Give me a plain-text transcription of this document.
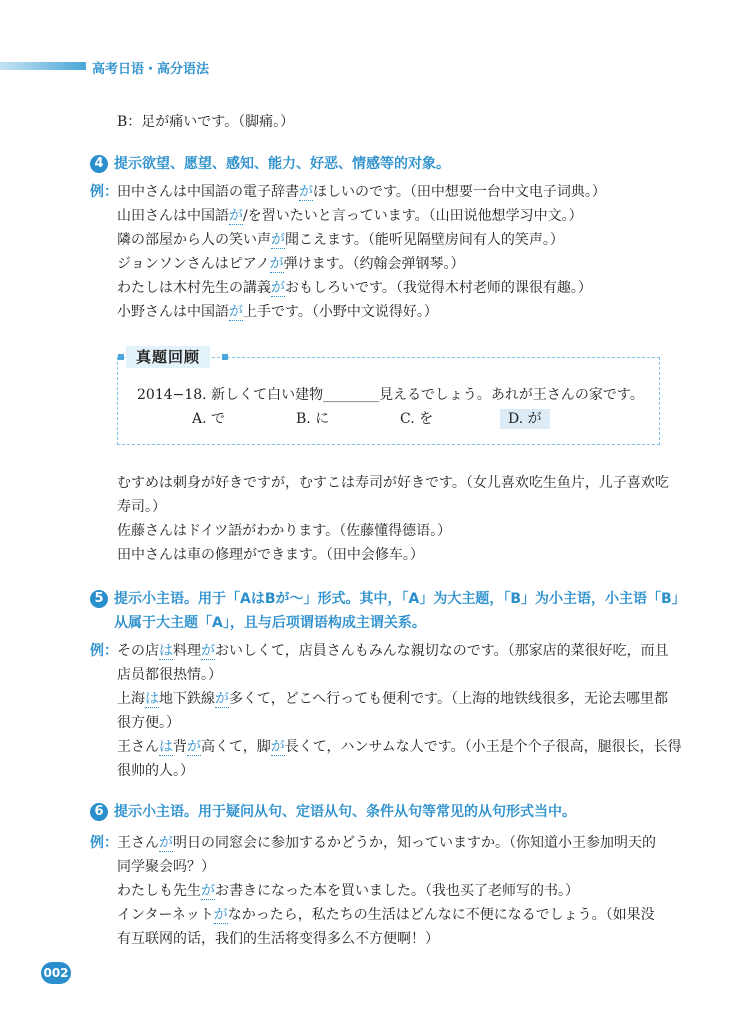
高考日语・高分语法
B：足が痛いです。（脚痛。）
4 提示欲望、愿望、感知、能力、好恶、情感等的对象。
例： 田中さんは中国語の電子辞書がほしいのです。（田中想要一台中文电子词典。）
山田さんは中国語が/を習いたいと言っています。（山田说他想学习中文。）
隣の部屋から人の笑い声が聞こえます。（能听见隔壁房间有人的笑声。）
ジョンソンさんはピアノが弾けます。（约翰会弹钢琴。）
わたしは木村先生の講義がおもしろいです。（我觉得木村老师的课很有趣。）
小野さんは中国語が上手です。（小野中文说得好。）
真题回顾
2014−18. 新しくて白い建物________見えるでしょう。あれが王さんの家です。
A. で	B. に	C. を	D. が
むすめは刺身が好きですが，むすこは寿司が好きです。（女儿喜欢吃生鱼片，儿子喜欢吃
寿司。）
佐藤さんはドイツ語がわかります。（佐藤懂得德语。）
田中さんは車の修理ができます。（田中会修车。）
5 提示小主语。用于「AはBが～」形式。其中，「A」为大主题，「B」为小主语，小主语「B」
从属于大主题「A」，且与后项谓语构成主谓关系。
例： その店は料理がおいしくて，店員さんもみんな親切なのです。（那家店的菜很好吃，而且
店员都很热情。）
上海は地下鉄線が多くて，どこへ行っても便利です。（上海的地铁线很多，无论去哪里都
很方便。）
王さんは背が高くて，脚が長くて，ハンサムな人です。（小王是个个子很高，腿很长，长得
很帅的人。）
6 提示小主语。用于疑问从句、定语从句、条件从句等常见的从句形式当中。
例： 王さんが明日の同窓会に参加するかどうか，知っていますか。（你知道小王参加明天的
同学聚会吗？）
わたしも先生がお書きになった本を買いました。（我也买了老师写的书。）
インターネットがなかったら，私たちの生活はどんなに不便になるでしょう。（如果没
有互联网的话，我们的生活将变得多么不方便啊！）
002
